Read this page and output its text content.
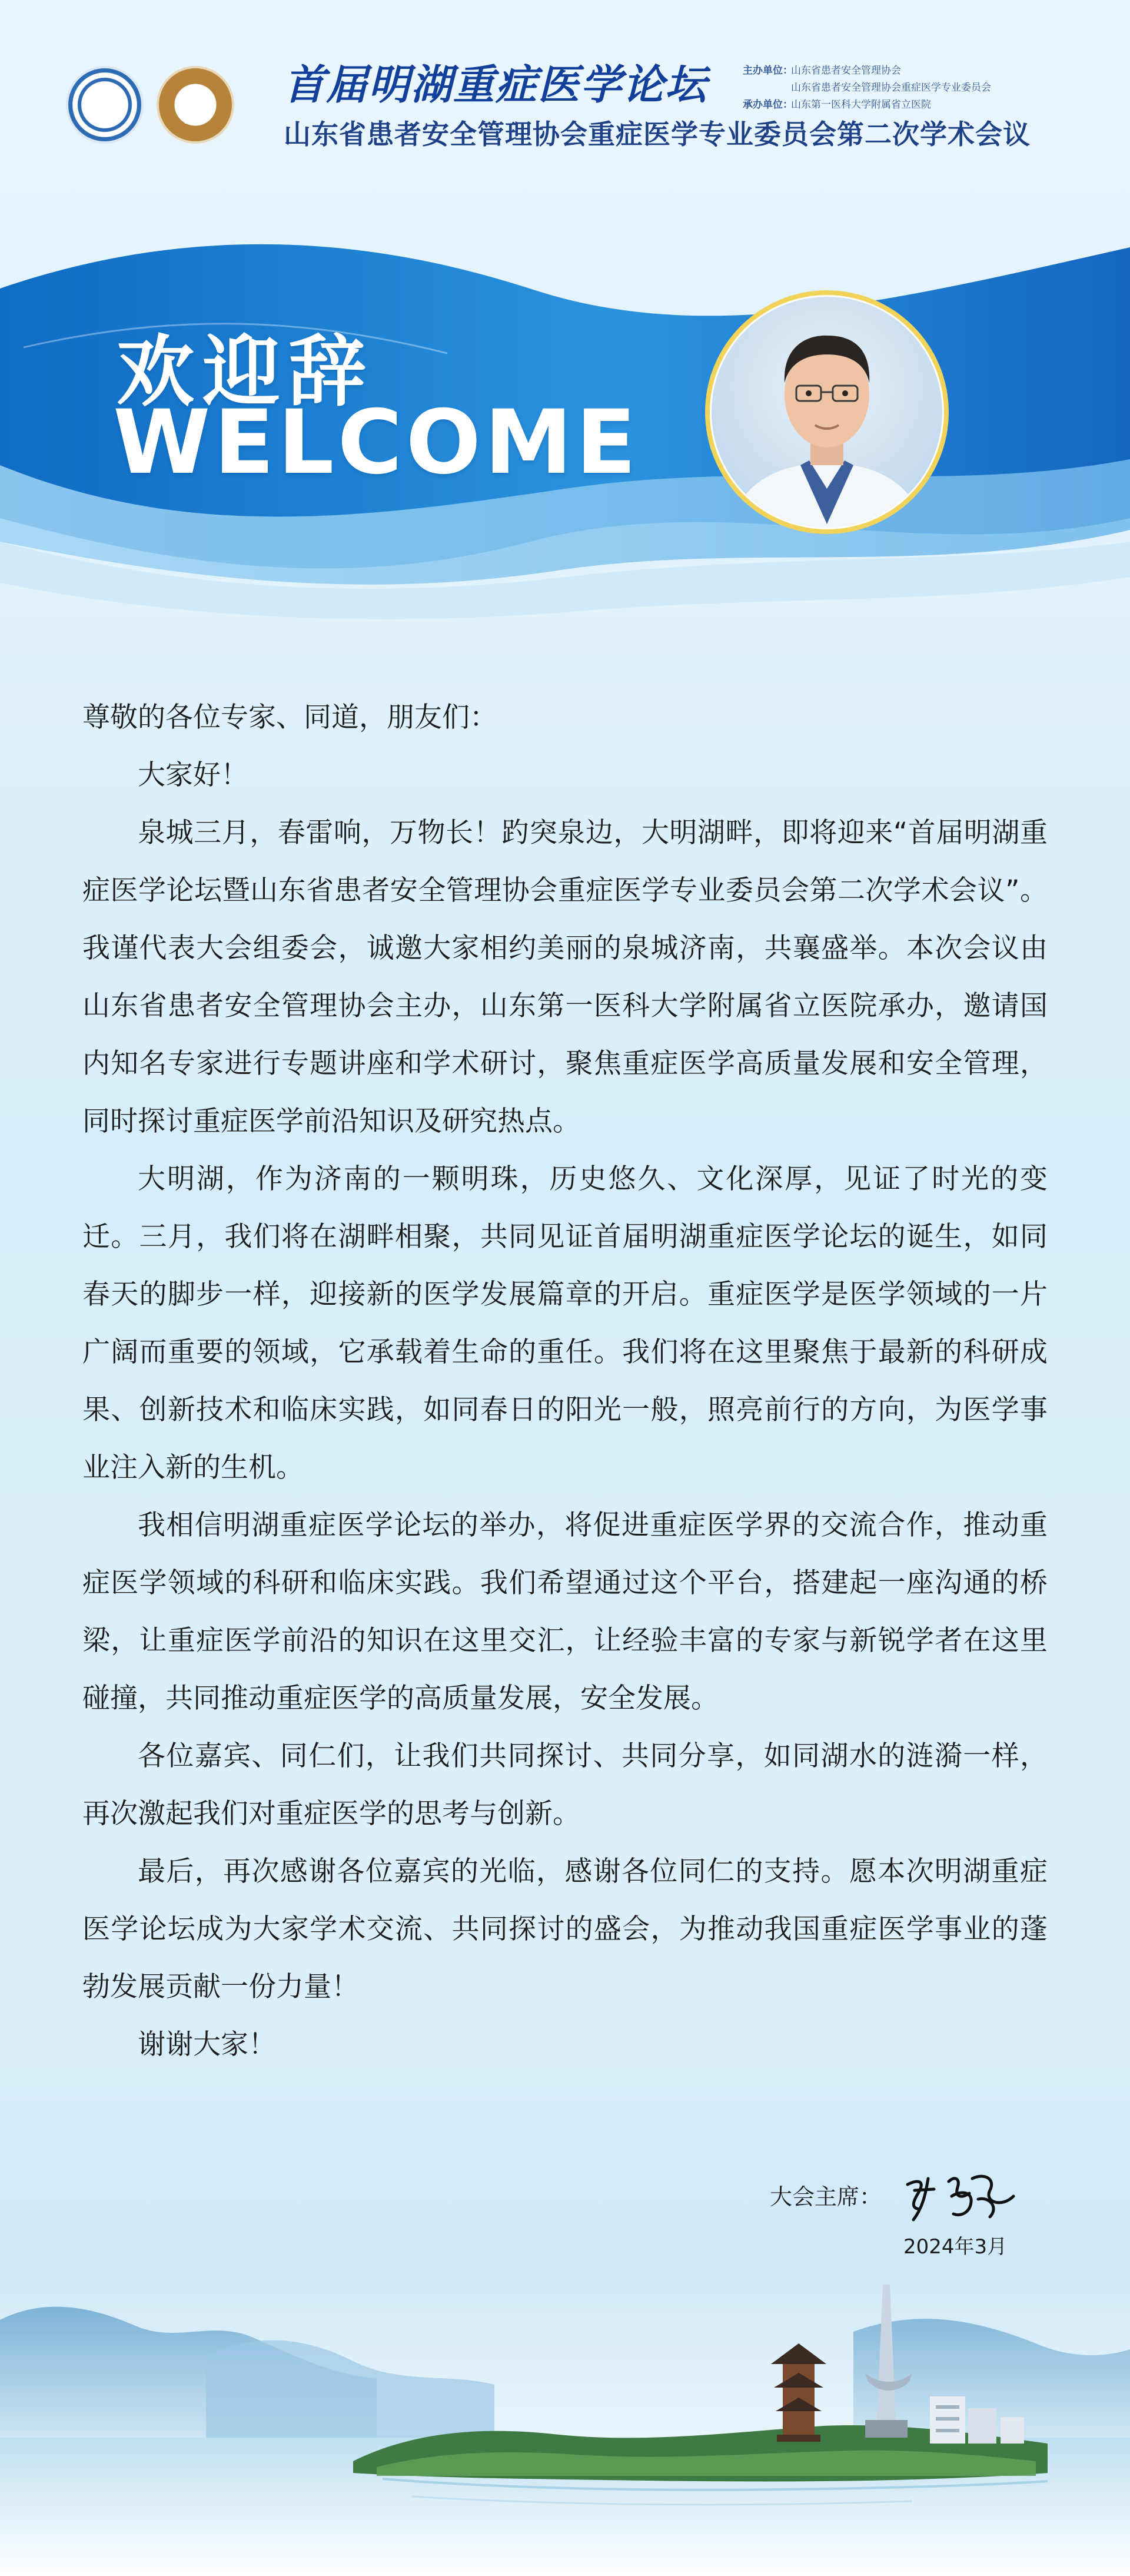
1897
首届明湖重症医学论坛
山东省患者安全管理协会重症医学专业委员会第二次学术会议
主办单位：山东省患者安全管理协会
山东省患者安全管理协会重症医学专业委员会
承办单位：山东第一医科大学附属省立医院
欢迎辞
WELCOME

尊敬的各位专家、同道，朋友们：

大家好！

泉城三月，春雷响，万物长！趵突泉边，大明湖畔，即将迎来“首届明湖重症医学论坛暨山东省患者安全管理协会重症医学专业委员会第二次学术会议”。我谨代表大会组委会，诚邀大家相约美丽的泉城济南，共襄盛举。本次会议由山东省患者安全管理协会主办，山东第一医科大学附属省立医院承办，邀请国内知名专家进行专题讲座和学术研讨，聚焦重症医学高质量发展和安全管理，同时探讨重症医学前沿知识及研究热点。

大明湖，作为济南的一颗明珠，历史悠久、文化深厚，见证了时光的变迁。三月，我们将在湖畔相聚，共同见证首届明湖重症医学论坛的诞生，如同春天的脚步一样，迎接新的医学发展篇章的开启。重症医学是医学领域的一片广阔而重要的领域，它承载着生命的重任。我们将在这里聚焦于最新的科研成果、创新技术和临床实践，如同春日的阳光一般，照亮前行的方向，为医学事业注入新的生机。

我相信明湖重症医学论坛的举办，将促进重症医学界的交流合作，推动重症医学领域的科研和临床实践。我们希望通过这个平台，搭建起一座沟通的桥梁，让重症医学前沿的知识在这里交汇，让经验丰富的专家与新锐学者在这里碰撞，共同推动重症医学的高质量发展，安全发展。

各位嘉宾、同仁们，让我们共同探讨、共同分享，如同湖水的涟漪一样，再次激起我们对重症医学的思考与创新。

最后，再次感谢各位嘉宾的光临，感谢各位同仁的支持。愿本次明湖重症医学论坛成为大家学术交流、共同探讨的盛会，为推动我国重症医学事业的蓬勃发展贡献一份力量！

谢谢大家！

大会主席：
2024年3月
